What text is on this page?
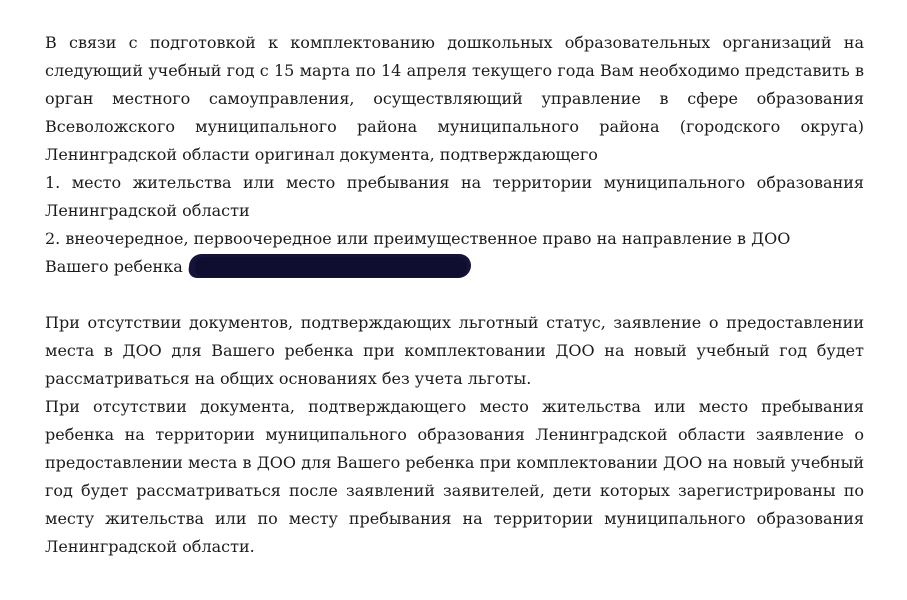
В связи с подготовкой к комплектованию дошкольных образовательных организаций на
следующий учебный год с 15 марта по 14 апреля текущего года Вам необходимо представить в
орган местного самоуправления, осуществляющий управление в сфере образования
Всеволожского муниципального района муниципального района (городского округа)
Ленинградской области оригинал документа, подтверждающего
1. место жительства или место пребывания на территории муниципального образования
Ленинградской области
2. внеочередное, первоочередное или преимущественное право на направление в ДОО
Вашего ребенка
При отсутствии документов, подтверждающих льготный статус, заявление о предоставлении
места в ДОО для Вашего ребенка при комплектовании ДОО на новый учебный год будет
рассматриваться на общих основаниях без учета льготы.
При отсутствии документа, подтверждающего место жительства или место пребывания
ребенка на территории муниципального образования Ленинградской области заявление о
предоставлении места в ДОО для Вашего ребенка при комплектовании ДОО на новый учебный
год будет рассматриваться после заявлений заявителей, дети которых зарегистрированы по
месту жительства или по месту пребывания на территории муниципального образования
Ленинградской области.
